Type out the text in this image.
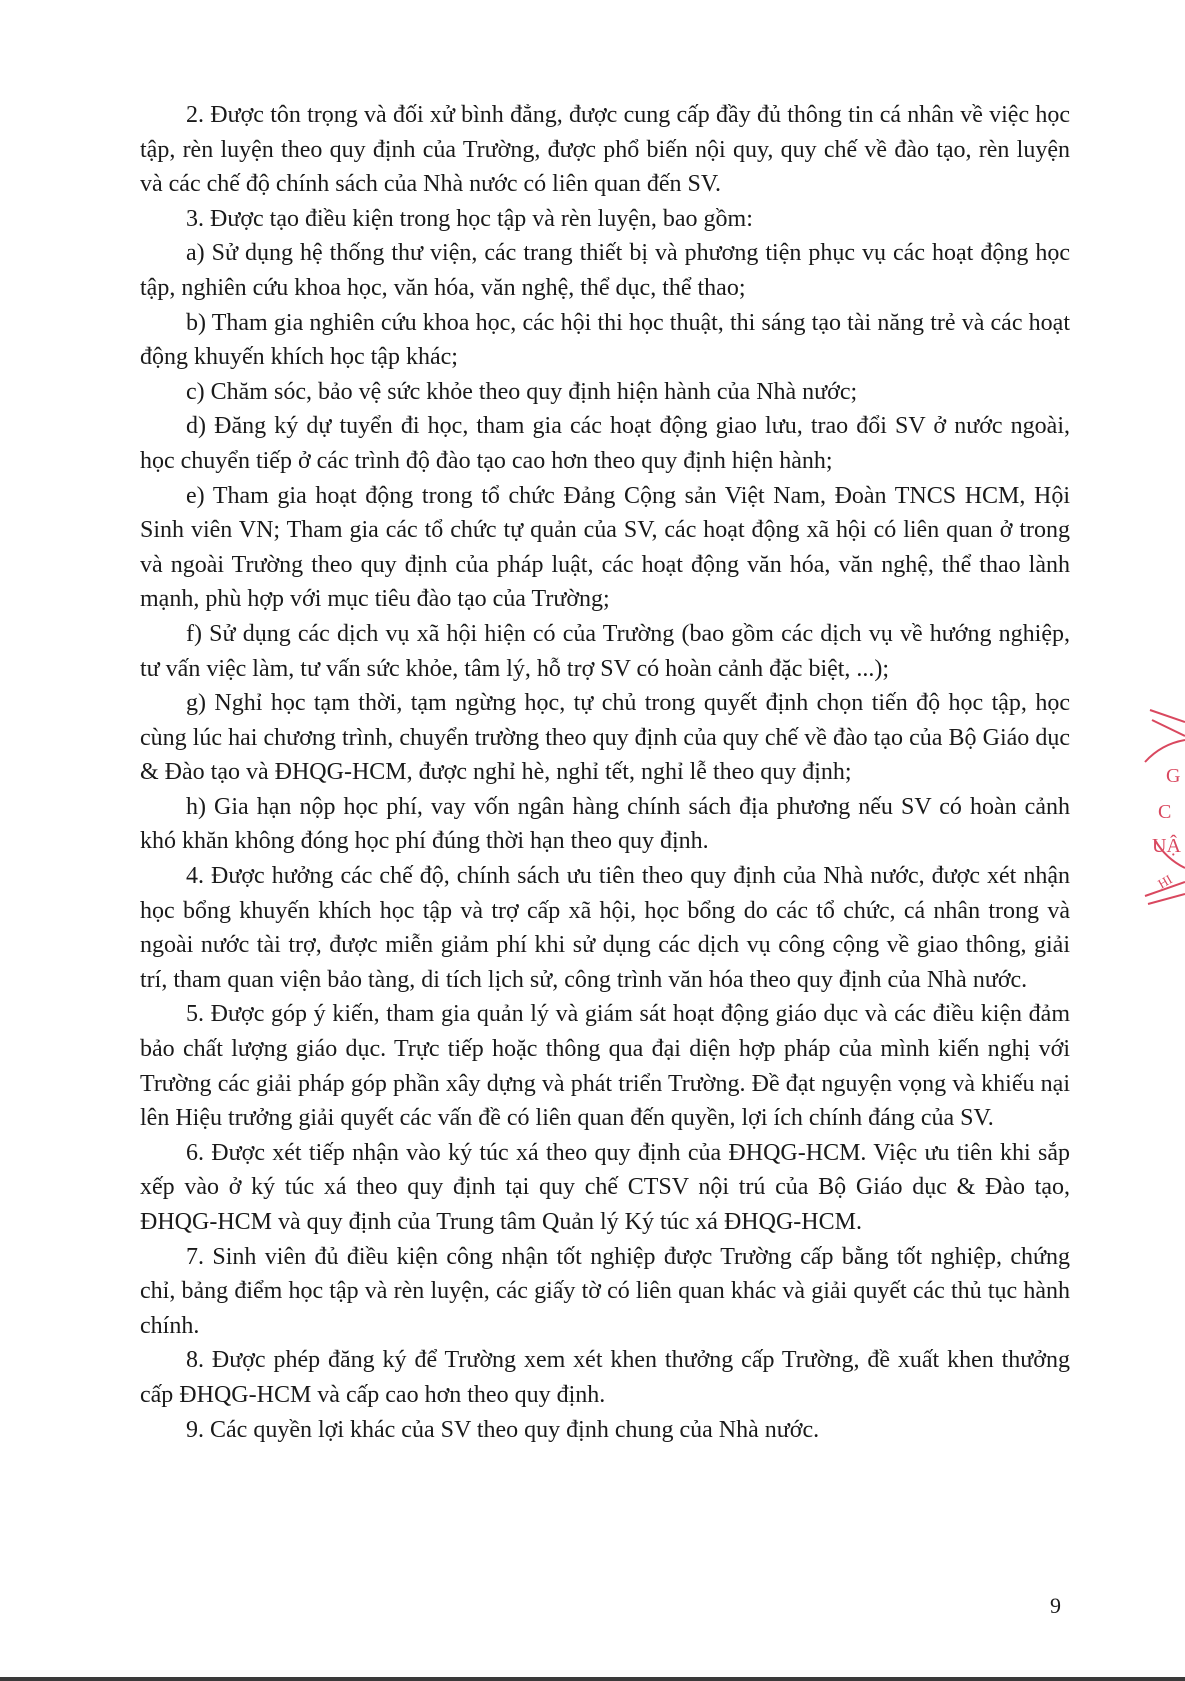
2. Được tôn trọng và đối xử bình đẳng, được cung cấp đầy đủ thông tin cá nhân về việc học tập, rèn luyện theo quy định của Trường, được phổ biến nội quy, quy chế về đào tạo, rèn luyện và các chế độ chính sách của Nhà nước có liên quan đến SV.

3. Được tạo điều kiện trong học tập và rèn luyện, bao gồm:

a) Sử dụng hệ thống thư viện, các trang thiết bị và phương tiện phục vụ các hoạt động học tập, nghiên cứu khoa học, văn hóa, văn nghệ, thể dục, thể thao;

b) Tham gia nghiên cứu khoa học, các hội thi học thuật, thi sáng tạo tài năng trẻ và các hoạt động khuyến khích học tập khác;

c) Chăm sóc, bảo vệ sức khỏe theo quy định hiện hành của Nhà nước;

d) Đăng ký dự tuyển đi học, tham gia các hoạt động giao lưu, trao đổi SV ở nước ngoài, học chuyển tiếp ở các trình độ đào tạo cao hơn theo quy định hiện hành;

e) Tham gia hoạt động trong tổ chức Đảng Cộng sản Việt Nam, Đoàn TNCS HCM, Hội Sinh viên VN; Tham gia các tổ chức tự quản của SV, các hoạt động xã hội có liên quan ở trong và ngoài Trường theo quy định của pháp luật, các hoạt động văn hóa, văn nghệ, thể thao lành mạnh, phù hợp với mục tiêu đào tạo của Trường;

f) Sử dụng các dịch vụ xã hội hiện có của Trường (bao gồm các dịch vụ về hướng nghiệp, tư vấn việc làm, tư vấn sức khỏe, tâm lý, hỗ trợ SV có hoàn cảnh đặc biệt, ...);

g) Nghỉ học tạm thời, tạm ngừng học, tự chủ trong quyết định chọn tiến độ học tập, học cùng lúc hai chương trình, chuyển trường theo quy định của quy chế về đào tạo của Bộ Giáo dục & Đào tạo và ĐHQG-HCM, được nghỉ hè, nghỉ tết, nghỉ lễ theo quy định;

h) Gia hạn nộp học phí, vay vốn ngân hàng chính sách địa phương nếu SV có hoàn cảnh khó khăn không đóng học phí đúng thời hạn theo quy định.

4. Được hưởng các chế độ, chính sách ưu tiên theo quy định của Nhà nước, được xét nhận học bổng khuyến khích học tập và trợ cấp xã hội, học bổng do các tổ chức, cá nhân trong và ngoài nước tài trợ, được miễn giảm phí khi sử dụng các dịch vụ công cộng về giao thông, giải trí, tham quan viện bảo tàng, di tích lịch sử, công trình văn hóa theo quy định của Nhà nước.

5. Được góp ý kiến, tham gia quản lý và giám sát hoạt động giáo dục và các điều kiện đảm bảo chất lượng giáo dục. Trực tiếp hoặc thông qua đại diện hợp pháp của mình kiến nghị với Trường các giải pháp góp phần xây dựng và phát triển Trường. Đề đạt nguyện vọng và khiếu nại lên Hiệu trưởng giải quyết các vấn đề có liên quan đến quyền, lợi ích chính đáng của SV.

6. Được xét tiếp nhận vào ký túc xá theo quy định của ĐHQG-HCM. Việc ưu tiên khi sắp xếp vào ở ký túc xá theo quy định tại quy chế CTSV nội trú của Bộ Giáo dục & Đào tạo, ĐHQG-HCM và quy định của Trung tâm Quản lý Ký túc xá ĐHQG-HCM.

7. Sinh viên đủ điều kiện công nhận tốt nghiệp được Trường cấp bằng tốt nghiệp, chứng chỉ, bảng điểm học tập và rèn luyện, các giấy tờ có liên quan khác và giải quyết các thủ tục hành chính.

8. Được phép đăng ký để Trường xem xét khen thưởng cấp Trường, đề xuất khen thưởng cấp ĐHQG-HCM và cấp cao hơn theo quy định.

9. Các quyền lợi khác của SV theo quy định chung của Nhà nước.

G
C
UẬ
HI
9
